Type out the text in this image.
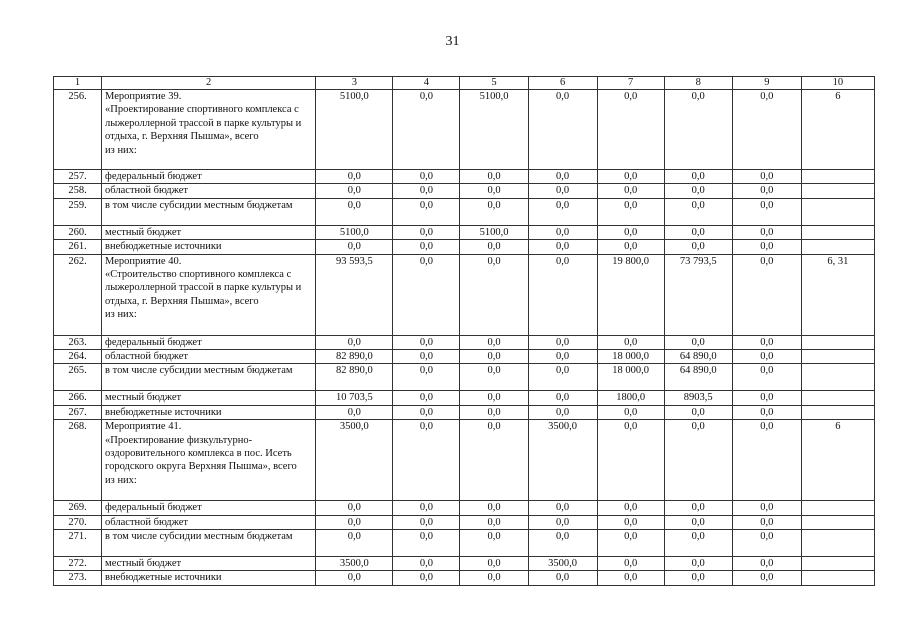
31
1	2	3	4	5	6	7	8	9	10
256.	Мероприятие 39.
«Проектирование спортивного комплекса с лыжероллерной трассой в парке культуры и отдыха, г. Верхняя Пышма», всего
из них:	5100,0	0,0	5100,0	0,0	0,0	0,0	0,0	6
257.	федеральный бюджет	0,0	0,0	0,0	0,0	0,0	0,0	0,0	
258.	областной бюджет	0,0	0,0	0,0	0,0	0,0	0,0	0,0	
259.	в том числе субсидии местным бюджетам	0,0	0,0	0,0	0,0	0,0	0,0	0,0	
260.	местный бюджет	5100,0	0,0	5100,0	0,0	0,0	0,0	0,0	
261.	внебюджетные источники	0,0	0,0	0,0	0,0	0,0	0,0	0,0	
262.	Мероприятие 40.
«Строительство спортивного комплекса с лыжероллерной трассой в парке культуры и отдыха, г. Верхняя Пышма», всего
из них:	93 593,5	0,0	0,0	0,0	19 800,0	73 793,5	0,0	6, 31
263.	федеральный бюджет	0,0	0,0	0,0	0,0	0,0	0,0	0,0	
264.	областной бюджет	82 890,0	0,0	0,0	0,0	18 000,0	64 890,0	0,0	
265.	в том числе субсидии местным бюджетам	82 890,0	0,0	0,0	0,0	18 000,0	64 890,0	0,0	
266.	местный бюджет	10 703,5	0,0	0,0	0,0	1800,0	8903,5	0,0	
267.	внебюджетные источники	0,0	0,0	0,0	0,0	0,0	0,0	0,0	
268.	Мероприятие 41.
«Проектирование физкультурно-оздоровительного комплекса в пос. Исеть городского округа Верхняя Пышма», всего
из них:	3500,0	0,0	0,0	3500,0	0,0	0,0	0,0	6
269.	федеральный бюджет	0,0	0,0	0,0	0,0	0,0	0,0	0,0	
270.	областной бюджет	0,0	0,0	0,0	0,0	0,0	0,0	0,0	
271.	в том числе субсидии местным бюджетам	0,0	0,0	0,0	0,0	0,0	0,0	0,0	
272.	местный бюджет	3500,0	0,0	0,0	3500,0	0,0	0,0	0,0	
273.	внебюджетные источники	0,0	0,0	0,0	0,0	0,0	0,0	0,0	
